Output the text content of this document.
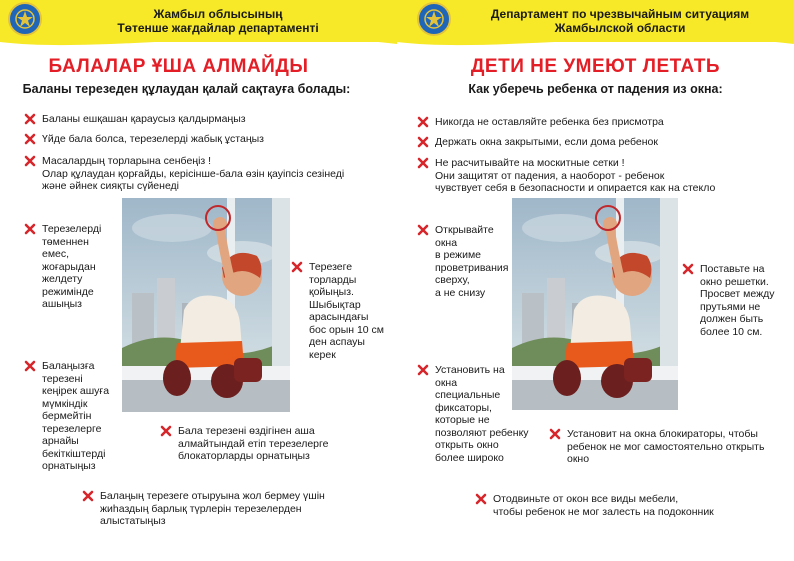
Жамбыл облысының
Төтенше жағдайлар департаменті
БАЛАЛАР ҰША АЛМАЙДЫ
Баланы терезеден құлаудан қалай сақтауға болады:
Баланы ешқашан қараусыз қалдырмаңыз
Үйде бала болса, терезелерді жабық ұстаңыз
Масалардың торларына сенбеңіз !
Олар құлаудан қорғайды, керісінше-бала өзін қауіпсіз сезінеді
және әйнек сияқты сүйенеді
Терезелерді
төменнен
емес,
жоғарыдан
желдету
режимінде
ашыңыз
Терезеге
торларды
қойыңыз.
Шыбықтар
арасындағы
бос орын 10 см
ден аспауы
керек
Балаңызға
терезені
кеңірек ашуға
мүмкіндік
бермейтін
терезелерге
арнайы
бекіткіштерді
орнатыңыз
Бала терезені өздігінен аша
алмайтындай етіп терезелерге
блокаторларды орнатыңыз
Балаңың терезеге отыруына жол бермеу үшін
жиhаздың барлық түрлерін терезелерден
алыстатыңыз
Департамент по чрезвычайным ситуациям
Жамбылской области
ДЕТИ НЕ УМЕЮТ ЛЕТАТЬ
Как уберечь ребенка от падения из окна:
Никогда не оставляйте ребенка без присмотра
Держать окна закрытыми, если дома ребенок
Не расчитывайте на москитные сетки !
Они защитят от падения, а наоборот - ребенок
чувствует себя в безопасности и опирается как на стекло
Открывайте
окна
в режиме
проветривания
сверху,
а не снизу
Поставьте на
окно решетки.
Просвет между
прутьями не
должен быть
более 10 см.
Установить на
окна
специальные
фиксаторы,
которые не
позволяют ребенку
открыть окно
более широко
Установит на окна блокираторы, чтобы
ребенок не мог самостоятельно открыть
окно
Отодвиньте от окон все виды мебели,
чтобы ребенок не мог залесть на подоконник
